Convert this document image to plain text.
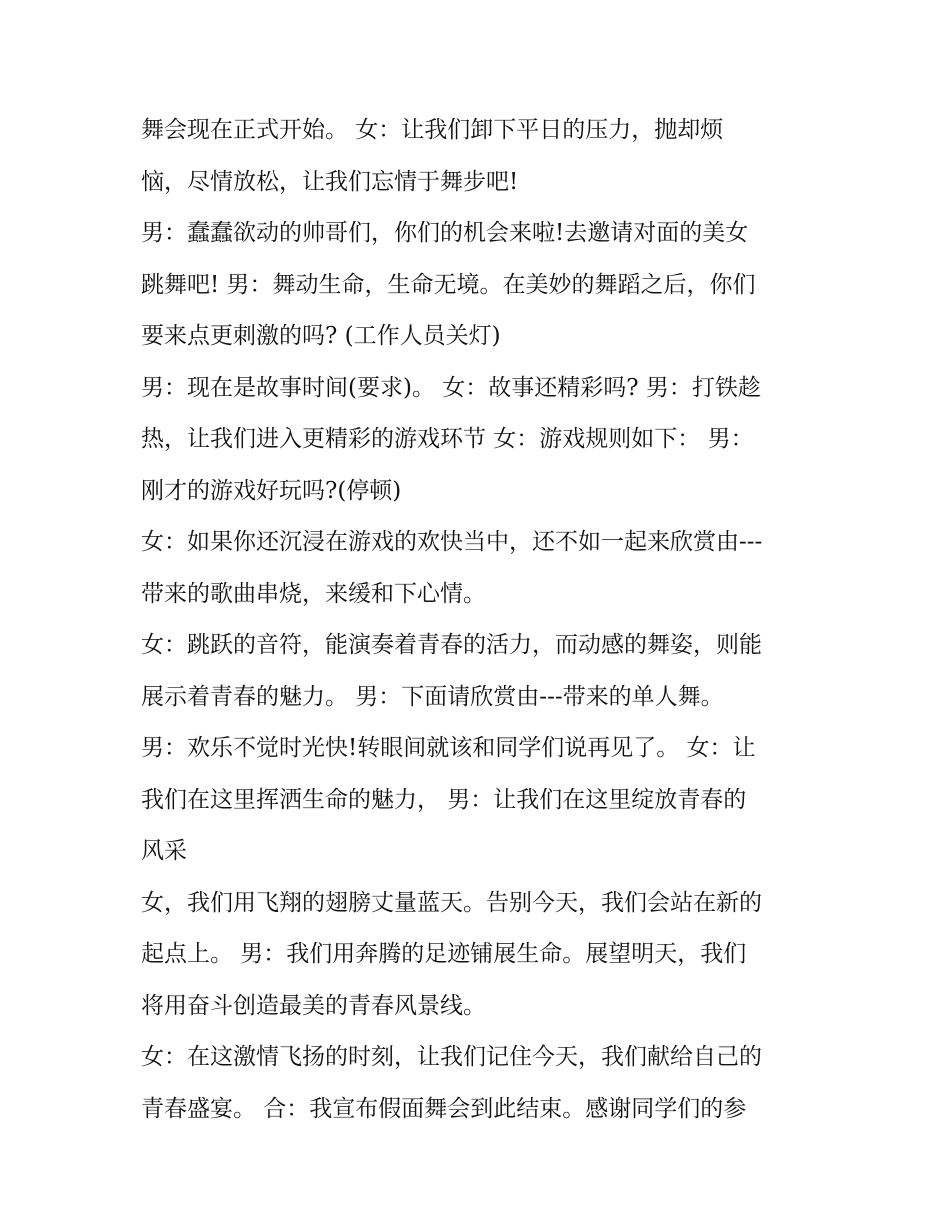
舞会现在正式开始。 女：让我们卸下平日的压力，抛却烦
恼，尽情放松，让我们忘情于舞步吧!
男：蠢蠢欲动的帅哥们，你们的机会来啦!去邀请对面的美女
跳舞吧! 男：舞动生命，生命无境。在美妙的舞蹈之后，你们
要来点更刺激的吗? (工作人员关灯)
男：现在是故事时间(要求)。 女：故事还精彩吗? 男：打铁趁
热，让我们进入更精彩的游戏环节 女：游戏规则如下： 男：
刚才的游戏好玩吗?(停顿)
女：如果你还沉浸在游戏的欢快当中，还不如一起来欣赏由---
带来的歌曲串烧，来缓和下心情。
女：跳跃的音符，能演奏着青春的活力，而动感的舞姿，则能
展示着青春的魅力。 男：下面请欣赏由---带来的单人舞。
男：欢乐不觉时光快!转眼间就该和同学们说再见了。 女：让
我们在这里挥洒生命的魅力， 男：让我们在这里绽放青春的
风采
女，我们用飞翔的翅膀丈量蓝天。告别今天，我们会站在新的
起点上。 男：我们用奔腾的足迹铺展生命。展望明天，我们
将用奋斗创造最美的青春风景线。
女：在这激情飞扬的时刻，让我们记住今天，我们献给自己的
青春盛宴。 合：我宣布假面舞会到此结束。感谢同学们的参
